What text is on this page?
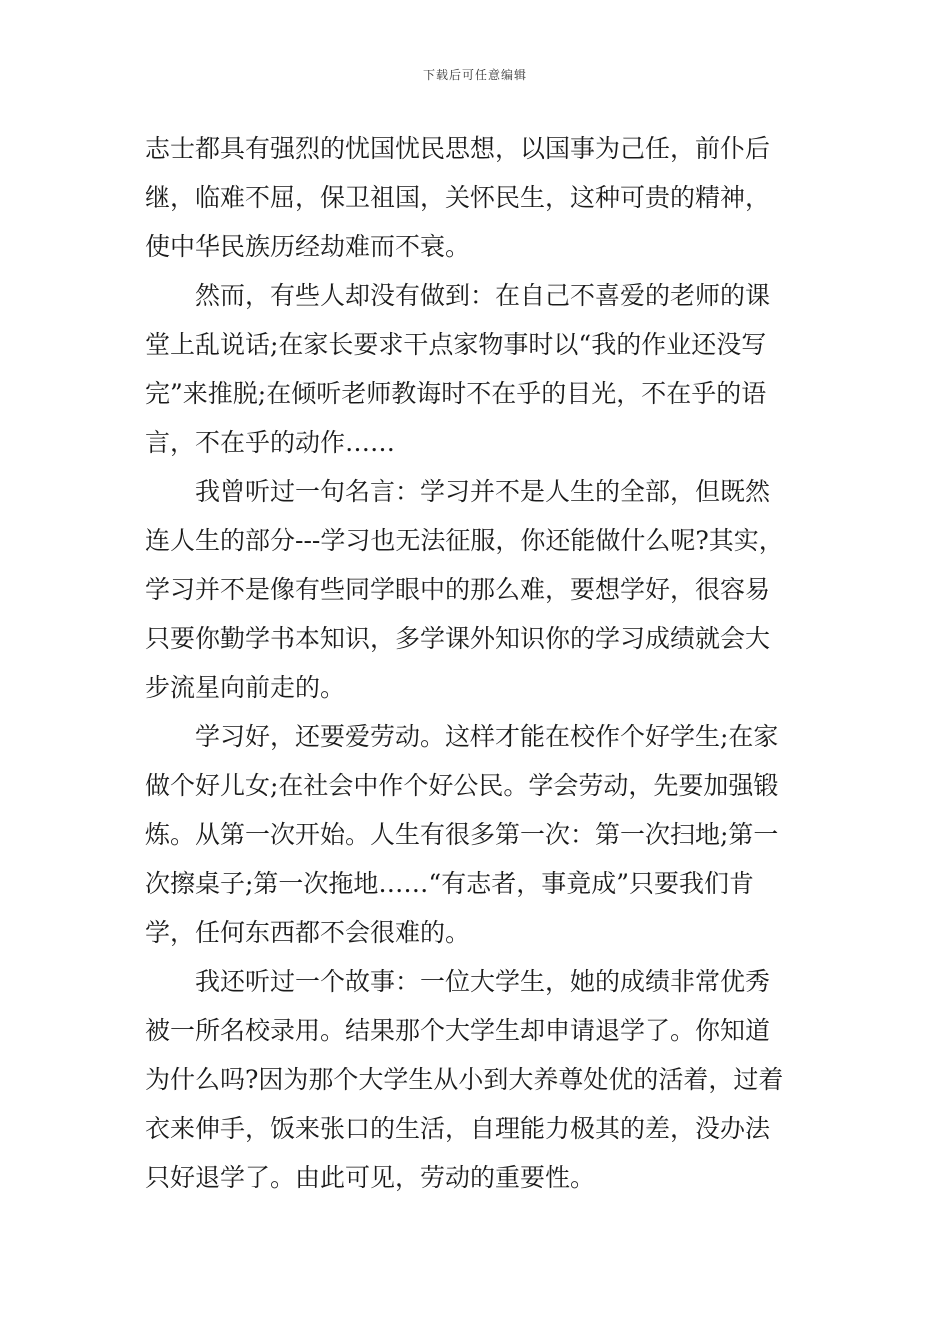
下载后可任意编辑
志士都具有强烈的忧国忧民思想，以国事为己任，前仆后
继，临难不屈，保卫祖国，关怀民生，这种可贵的精神，
使中华民族历经劫难而不衰。
然而，有些人却没有做到：在自己不喜爱的老师的课
堂上乱说话;在家长要求干点家物事时以“我的作业还没写
完”来推脱;在倾听老师教诲时不在乎的目光，不在乎的语
言，不在乎的动作……
我曾听过一句名言：学习并不是人生的全部，但既然
连人生的部分---学习也无法征服，你还能做什么呢?其实，
学习并不是像有些同学眼中的那么难，要想学好，很容易
只要你勤学书本知识，多学课外知识你的学习成绩就会大
步流星向前走的。
学习好，还要爱劳动。这样才能在校作个好学生;在家
做个好儿女;在社会中作个好公民。学会劳动，先要加强锻
炼。从第一次开始。人生有很多第一次：第一次扫地;第一
次擦桌子;第一次拖地……“有志者，事竟成”只要我们肯
学，任何东西都不会很难的。
我还听过一个故事：一位大学生，她的成绩非常优秀
被一所名校录用。结果那个大学生却申请退学了。你知道
为什么吗?因为那个大学生从小到大养尊处优的活着，过着
衣来伸手，饭来张口的生活，自理能力极其的差，没办法
只好退学了。由此可见，劳动的重要性。
